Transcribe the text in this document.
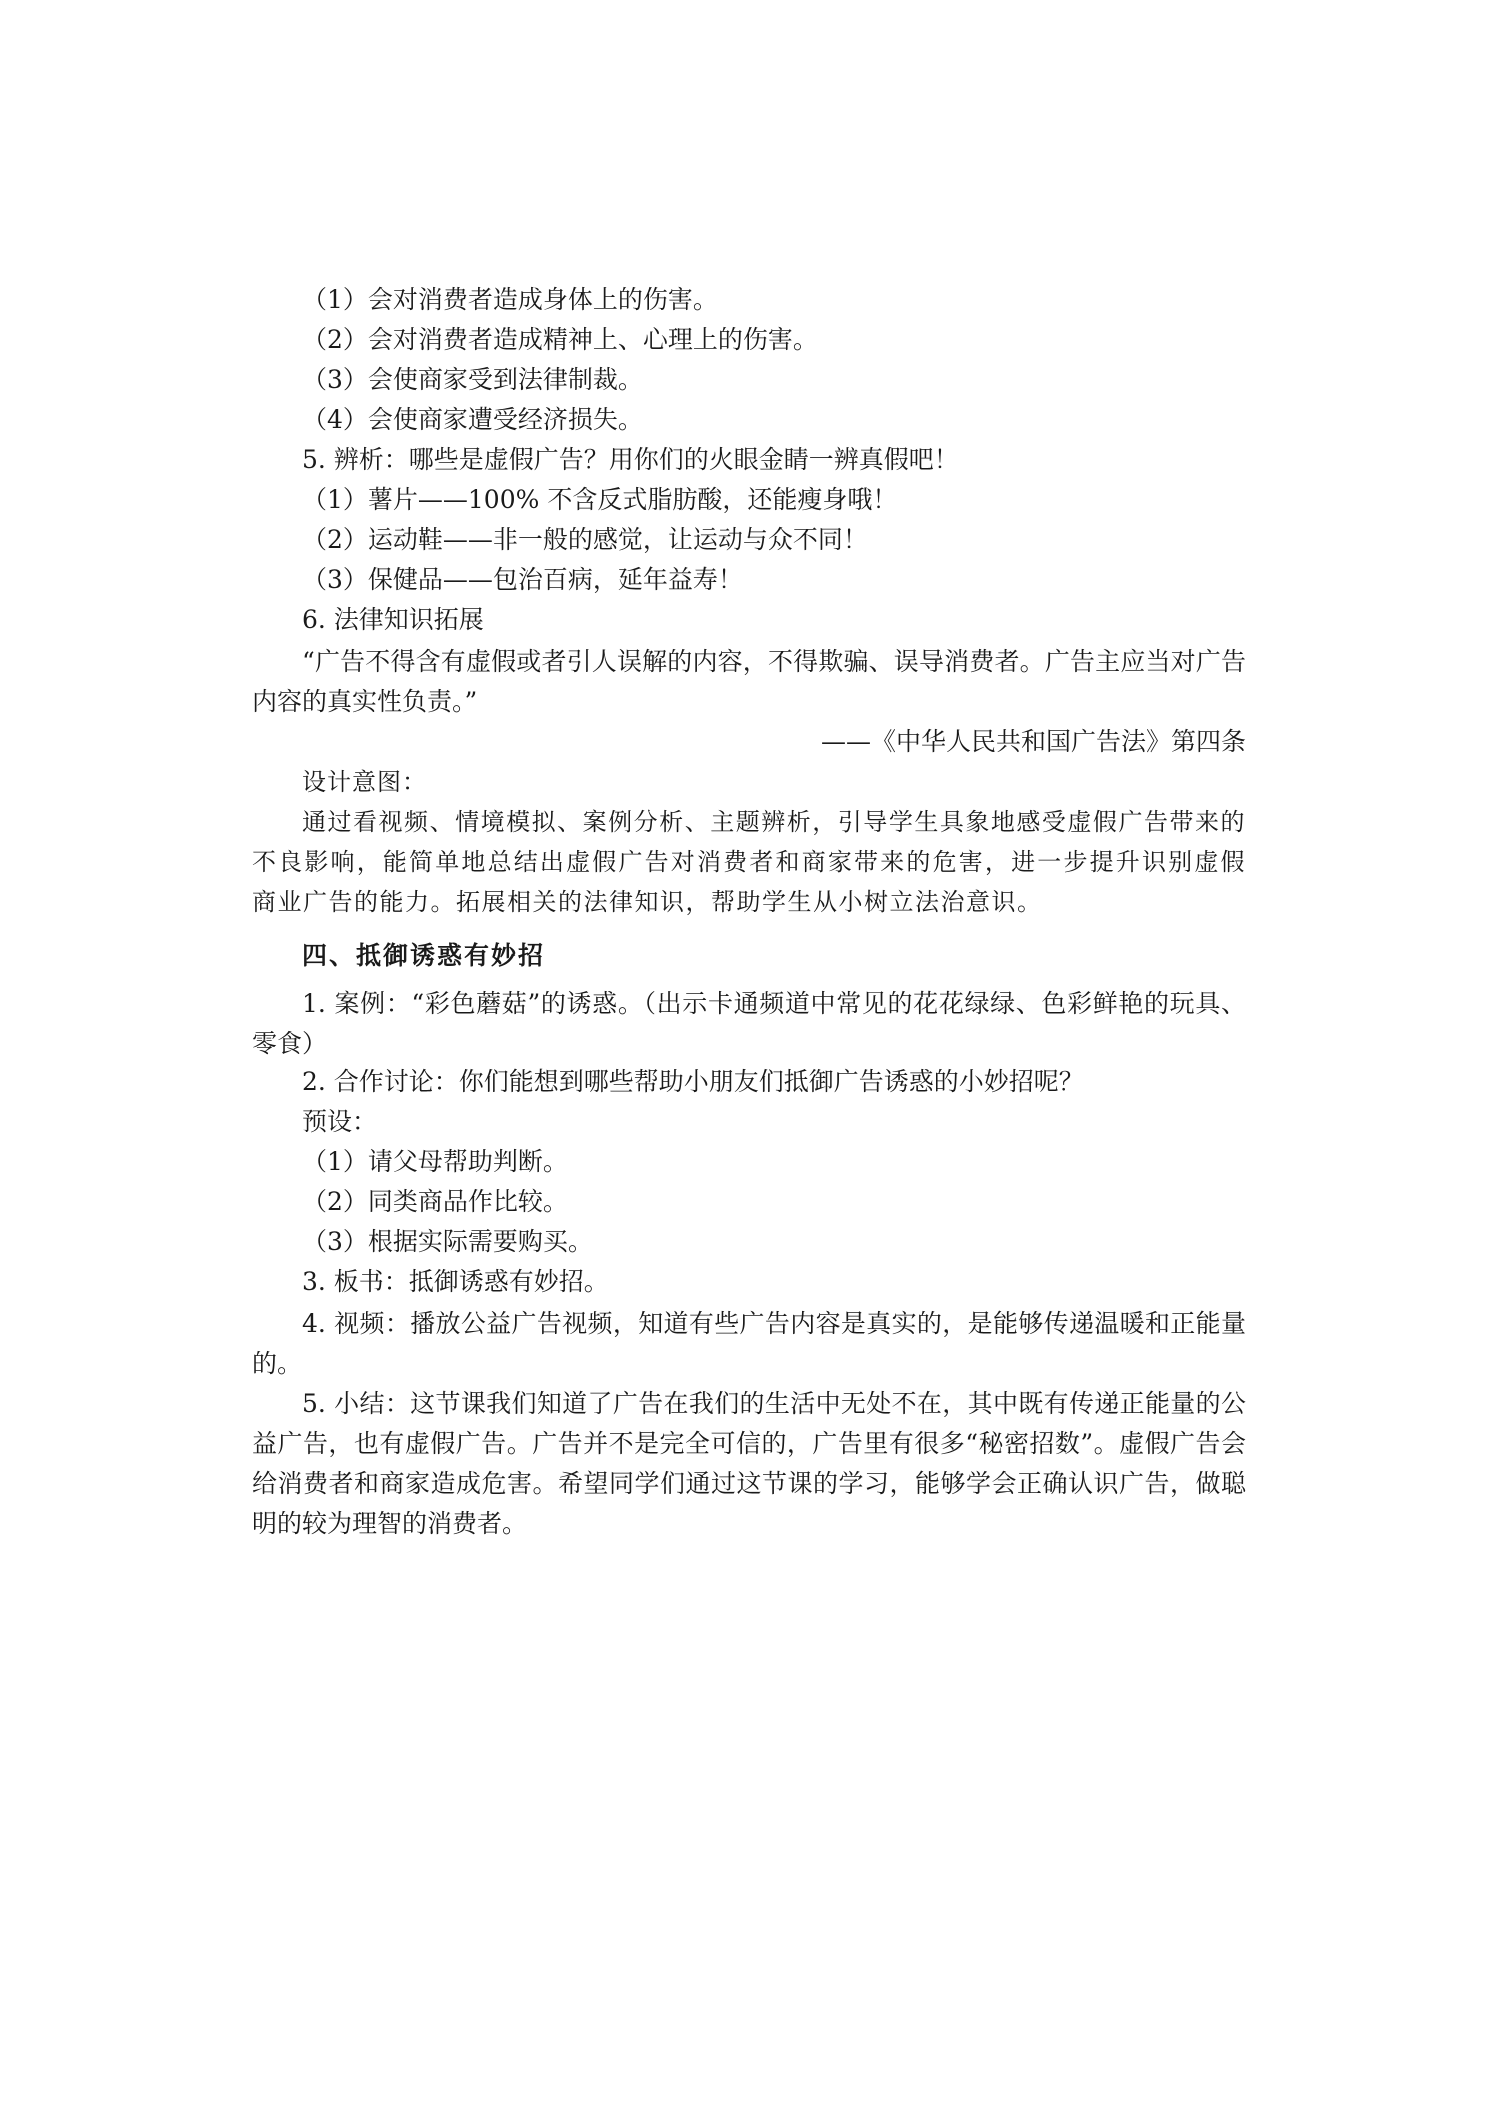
（1）会对消费者造成身体上的伤害。
（2）会对消费者造成精神上、心理上的伤害。
（3）会使商家受到法律制裁。
（4）会使商家遭受经济损失。
5. 辨析：哪些是虚假广告？用你们的火眼金睛一辨真假吧！
（1）薯片——100% 不含反式脂肪酸，还能瘦身哦！
（2）运动鞋——非一般的感觉，让运动与众不同！
（3）保健品——包治百病，延年益寿！
6. 法律知识拓展

“广告不得含有虚假或者引人误解的内容，不得欺骗、误导消费者。广告主应当对广告内容的真实性负责。”

——《中华人民共和国广告法》第四条
设计意图：

通过看视频、情境模拟、案例分析、主题辨析，引导学生具象地感受虚假广告带来的不良影响，能简单地总结出虚假广告对消费者和商家带来的危害，进一步提升识别虚假商业广告的能力。拓展相关的法律知识，帮助学生从小树立法治意识。

四、抵御诱惑有妙招

1. 案例：“彩色蘑菇”的诱惑。（出示卡通频道中常见的花花绿绿、色彩鲜艳的玩具、零食）

2. 合作讨论：你们能想到哪些帮助小朋友们抵御广告诱惑的小妙招呢？
预设：
（1）请父母帮助判断。
（2）同类商品作比较。
（3）根据实际需要购买。
3. 板书：抵御诱惑有妙招。

4. 视频：播放公益广告视频，知道有些广告内容是真实的，是能够传递温暖和正能量的。

5. 小结：这节课我们知道了广告在我们的生活中无处不在，其中既有传递正能量的公益广告，也有虚假广告。广告并不是完全可信的，广告里有很多“秘密招数”。虚假广告会给消费者和商家造成危害。希望同学们通过这节课的学习，能够学会正确认识广告，做聪明的较为理智的消费者。
